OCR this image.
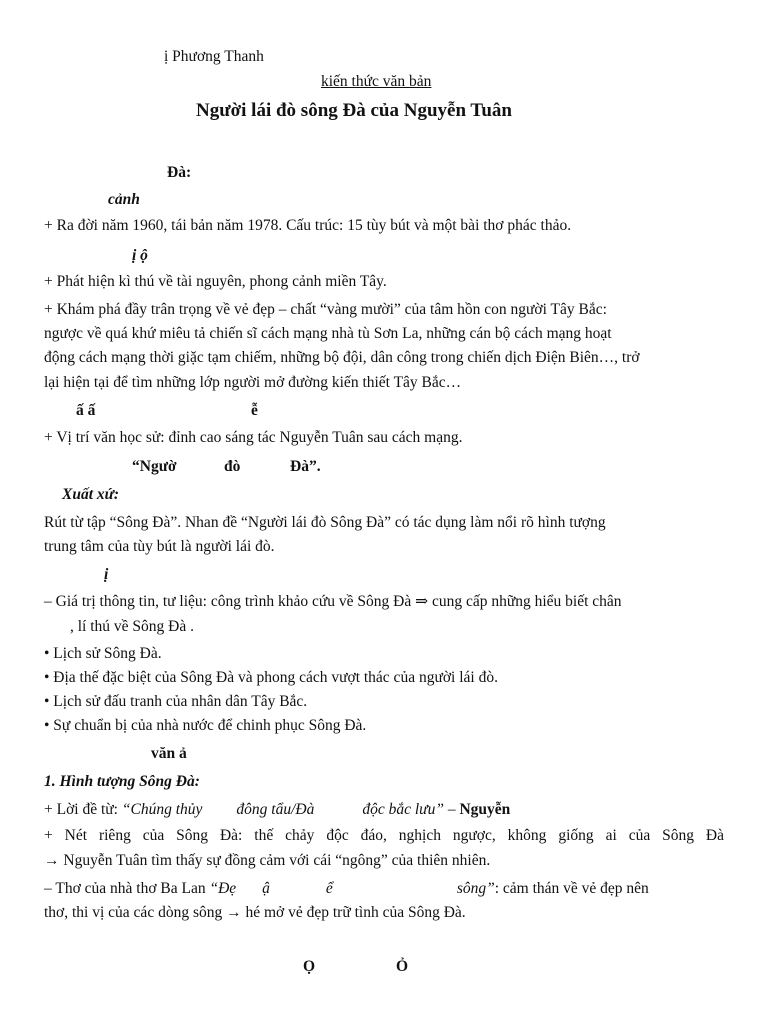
ị Phương Thanh
kiến thức văn bản
Người lái đò sông Đà của Nguyễn Tuân
Đà:
cảnh
+ Ra đời năm 1960, tái bản năm 1978. Cấu trúc: 15 tùy bút và một bài thơ phác thảo.
ị ộ
+ Phát hiện kì thú về tài nguyên, phong cảnh miền Tây.
+ Khám phá đầy trân trọng về vẻ đẹp – chất “vàng mười” của tâm hồn con người Tây Bắc:
ngược về quá khứ miêu tả chiến sĩ cách mạng nhà tù Sơn La, những cán bộ cách mạng hoạt
động cách mạng thời giặc tạm chiếm, những bộ đội, dân công trong chiến dịch Điện Biên…, trở
lại hiện tại để tìm những lớp người mở đường kiến thiết Tây Bắc…
ấ ấ	ễ
+ Vị trí văn học sử: đỉnh cao sáng tác Nguyễn Tuân sau cách mạng.
“Ngườ	đò	Đà”.
Xuất xứ:
Rút từ tập “Sông Đà”. Nhan đề “Người lái đò Sông Đà” có tác dụng làm nổi rõ hình tượng
trung tâm của tùy bút là người lái đò.
ị
– Giá trị thông tin, tư liệu: công trình khảo cứu về Sông Đà ⇒ cung cấp những hiểu biết chân
, lí thú về Sông Đà .
• Lịch sử Sông Đà.
• Địa thế đặc biệt của Sông Đà và phong cách vượt thác của người lái đò.
• Lịch sử đấu tranh của nhân dân Tây Bắc.
• Sự chuẩn bị của nhà nước để chinh phục Sông Đà.
văn ả
1. Hình tượng Sông Đà:
+ Lời đề từ: “Chúng thủy đông tẩu/Đà	độc bắc lưu” – Nguyễn
+ Nét riêng của Sông Đà: thế chảy độc đáo, nghịch ngược, không giống ai của Sông Đà
→ Nguyễn Tuân tìm thấy sự đồng cảm với cái “ngông” của thiên nhiên.
– Thơ của nhà thơ Ba Lan “Đẹ ậ	ể	sông”: cảm thán về vẻ đẹp nên
thơ, thi vị của các dòng sông → hé mở vẻ đẹp trữ tình của Sông Đà.
Ọ	Ỏ
